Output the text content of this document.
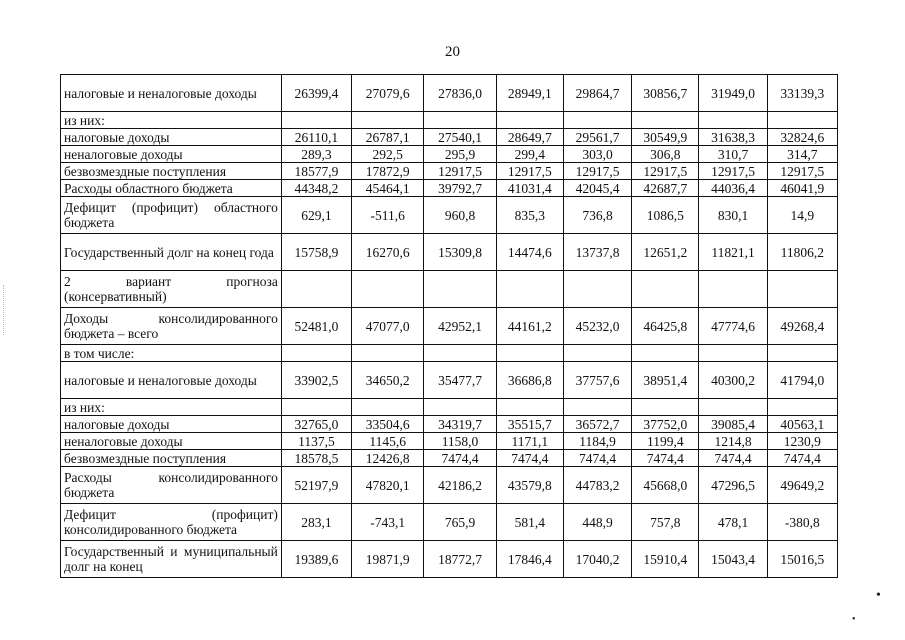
20
налоговые и неналоговые доходы	26399,4	27079,6	27836,0	28949,1	29864,7	30856,7	31949,0	33139,3
из них:								
налоговые доходы	26110,1	26787,1	27540,1	28649,7	29561,7	30549,9	31638,3	32824,6
неналоговые доходы	289,3	292,5	295,9	299,4	303,0	306,8	310,7	314,7
безвозмездные поступления	18577,9	17872,9	12917,5	12917,5	12917,5	12917,5	12917,5	12917,5
Расходы областного бюджета	44348,2	45464,1	39792,7	41031,4	42045,4	42687,7	44036,4	46041,9
Дефицит (профицит) областного бюджета	629,1	-511,6	960,8	835,3	736,8	1086,5	830,1	14,9
Государственный долг на конец года	15758,9	16270,6	15309,8	14474,6	13737,8	12651,2	11821,1	11806,2
2 вариант прогноза (консервативный)								
Доходы консолидированного бюджета – всего	52481,0	47077,0	42952,1	44161,2	45232,0	46425,8	47774,6	49268,4
в том числе:								
налоговые и неналоговые доходы	33902,5	34650,2	35477,7	36686,8	37757,6	38951,4	40300,2	41794,0
из них:								
налоговые доходы	32765,0	33504,6	34319,7	35515,7	36572,7	37752,0	39085,4	40563,1
неналоговые доходы	1137,5	1145,6	1158,0	1171,1	1184,9	1199,4	1214,8	1230,9
безвозмездные поступления	18578,5	12426,8	7474,4	7474,4	7474,4	7474,4	7474,4	7474,4
Расходы консолидированного бюджета	52197,9	47820,1	42186,2	43579,8	44783,2	45668,0	47296,5	49649,2
Дефицит (профицит) консолидированного бюджета	283,1	-743,1	765,9	581,4	448,9	757,8	478,1	-380,8
Государственный и муниципальный долг на конец	19389,6	19871,9	18772,7	17846,4	17040,2	15910,4	15043,4	15016,5
•
•
